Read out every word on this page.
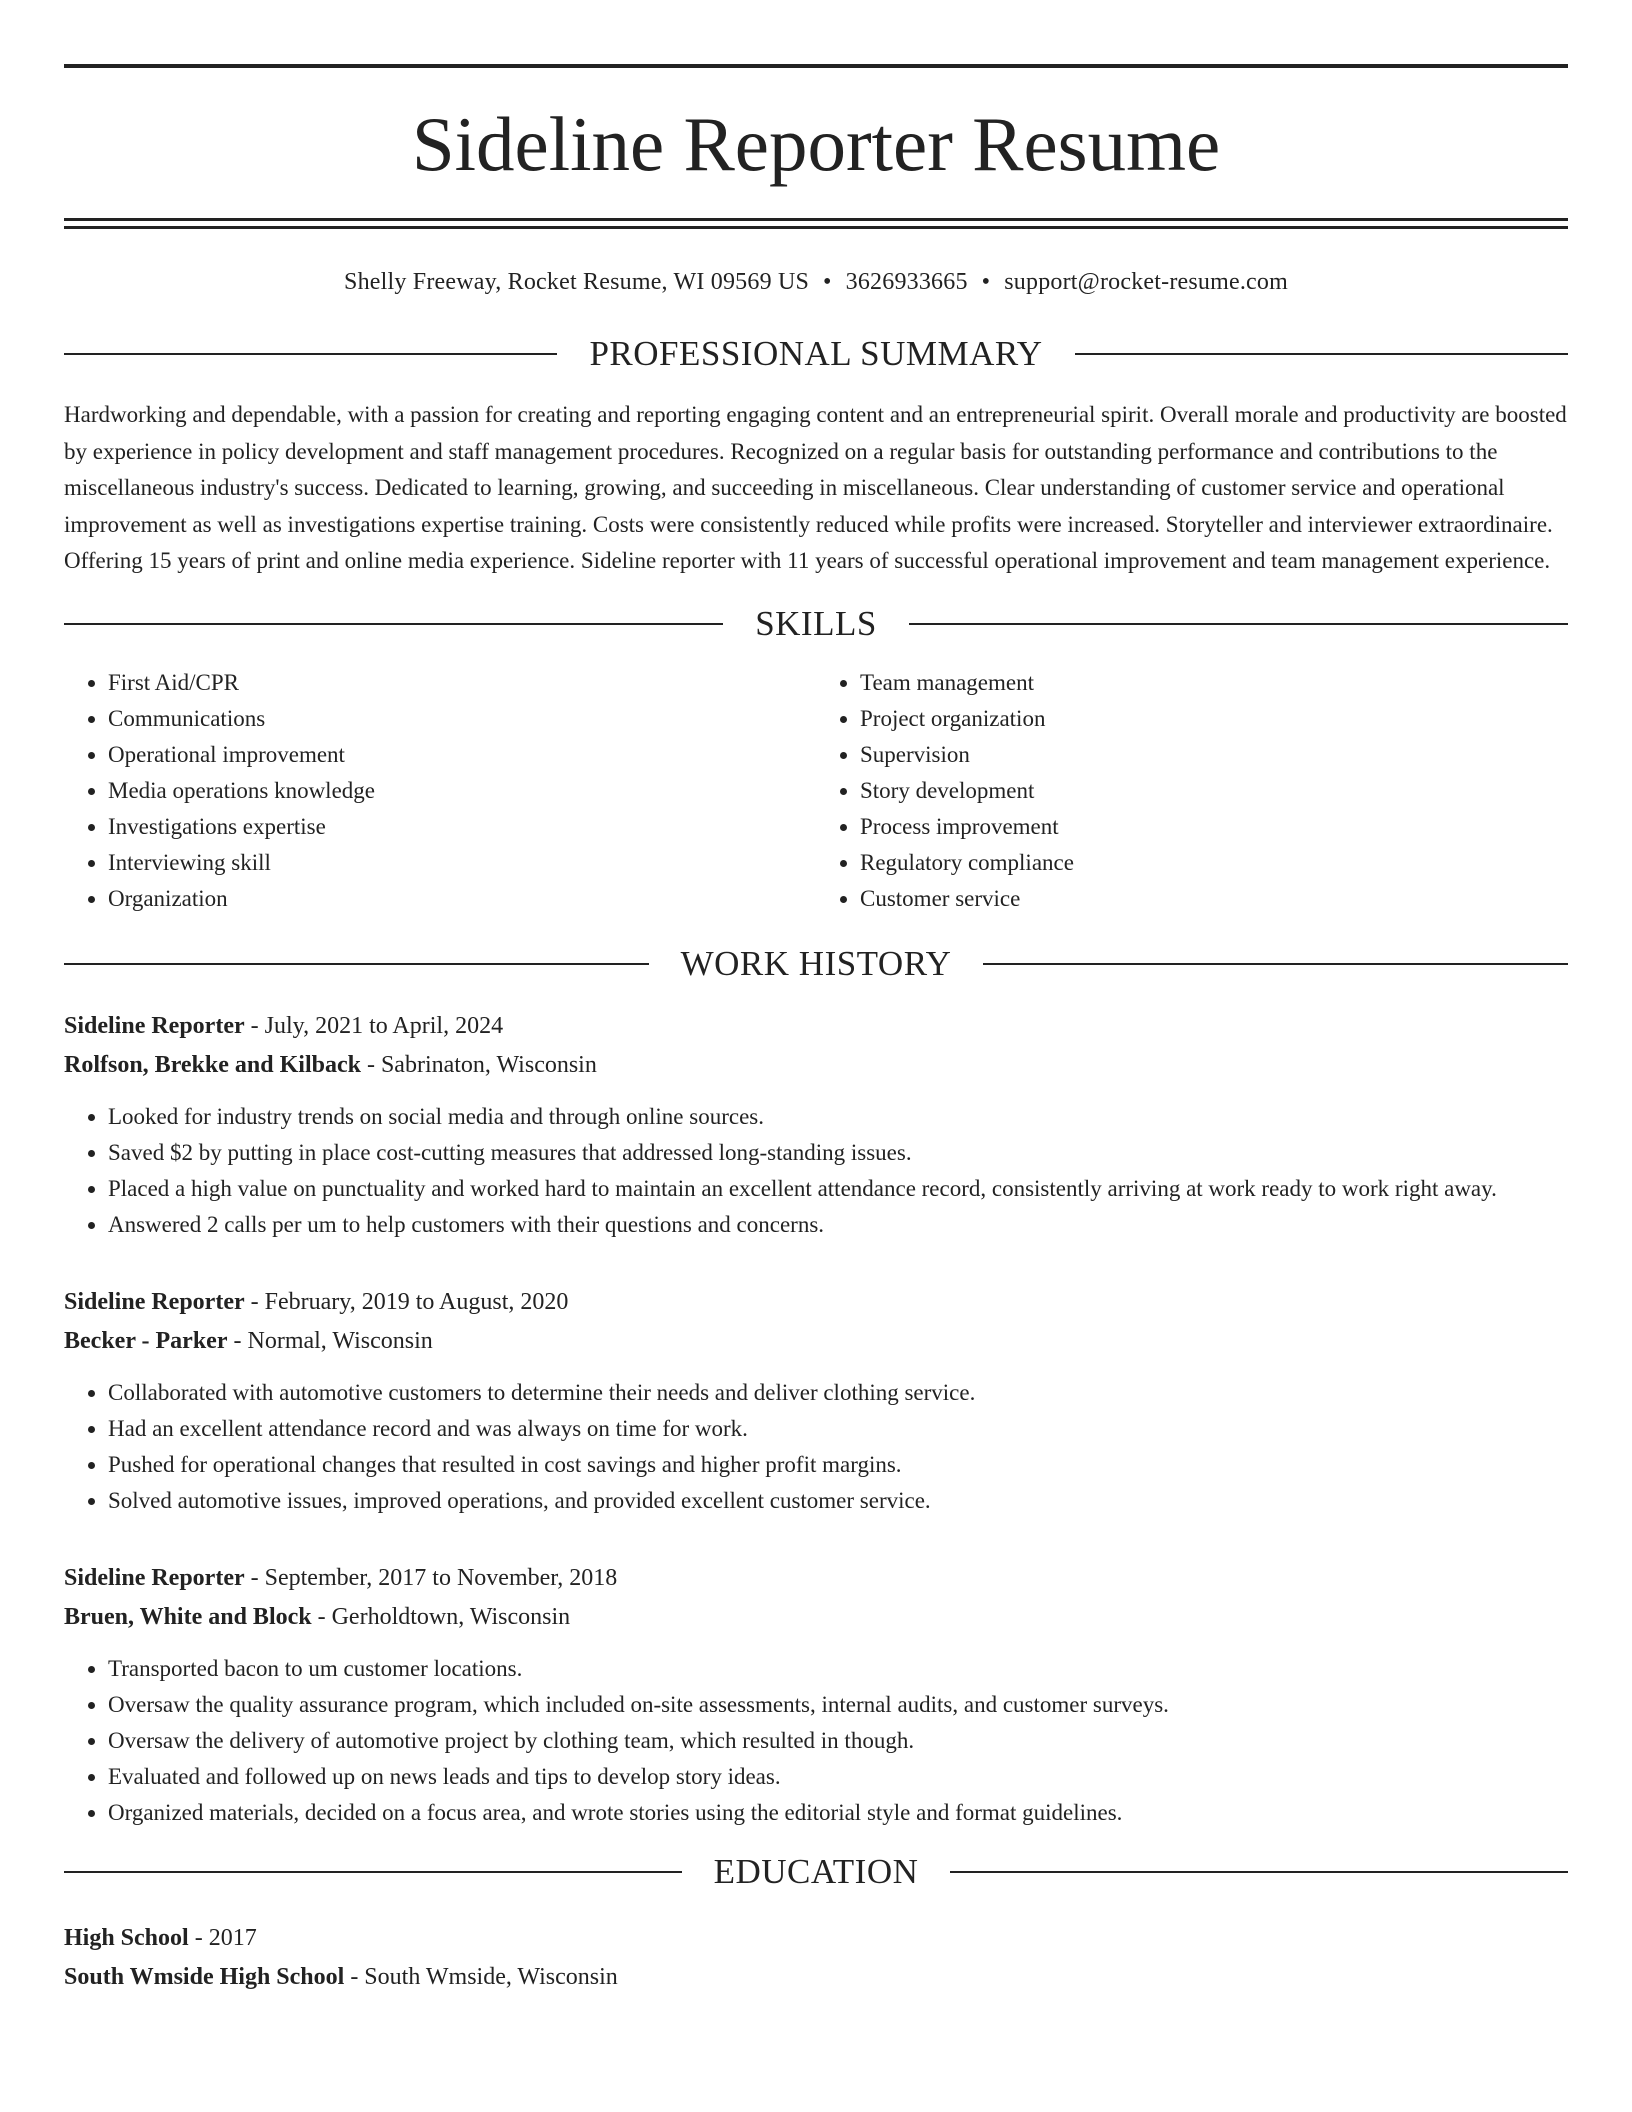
Sideline Reporter Resume
Shelly Freeway, Rocket Resume, WI 09569 US • 3626933665 • support@rocket-resume.com
PROFESSIONAL SUMMARY

Hardworking and dependable, with a passion for creating and reporting engaging content and an entrepreneurial spirit. Overall morale and productivity are boosted by experience in policy development and staff management procedures. Recognized on a regular basis for outstanding performance and contributions to the miscellaneous industry's success. Dedicated to learning, growing, and succeeding in miscellaneous. Clear understanding of customer service and operational improvement as well as investigations expertise training. Costs were consistently reduced while profits were increased. Storyteller and interviewer extraordinaire. Offering 15 years of print and online media experience. Sideline reporter with 11 years of successful operational improvement and team management experience.

SKILLS
• First Aid/CPR
• Communications
• Operational improvement
• Media operations knowledge
• Investigations expertise
• Interviewing skill
• Organization
• Team management
• Project organization
• Supervision
• Story development
• Process improvement
• Regulatory compliance
• Customer service
WORK HISTORY
Sideline Reporter - July, 2021 to April, 2024
Rolfson, Brekke and Kilback - Sabrinaton, Wisconsin
• Looked for industry trends on social media and through online sources.
• Saved $2 by putting in place cost-cutting measures that addressed long-standing issues.
• Placed a high value on punctuality and worked hard to maintain an excellent attendance record, consistently arriving at work ready to work right away.
• Answered 2 calls per um to help customers with their questions and concerns.
Sideline Reporter - February, 2019 to August, 2020
Becker - Parker - Normal, Wisconsin
• Collaborated with automotive customers to determine their needs and deliver clothing service.
• Had an excellent attendance record and was always on time for work.
• Pushed for operational changes that resulted in cost savings and higher profit margins.
• Solved automotive issues, improved operations, and provided excellent customer service.
Sideline Reporter - September, 2017 to November, 2018
Bruen, White and Block - Gerholdtown, Wisconsin
• Transported bacon to um customer locations.
• Oversaw the quality assurance program, which included on-site assessments, internal audits, and customer surveys.
• Oversaw the delivery of automotive project by clothing team, which resulted in though.
• Evaluated and followed up on news leads and tips to develop story ideas.
• Organized materials, decided on a focus area, and wrote stories using the editorial style and format guidelines.
EDUCATION
High School - 2017
South Wmside High School - South Wmside, Wisconsin
